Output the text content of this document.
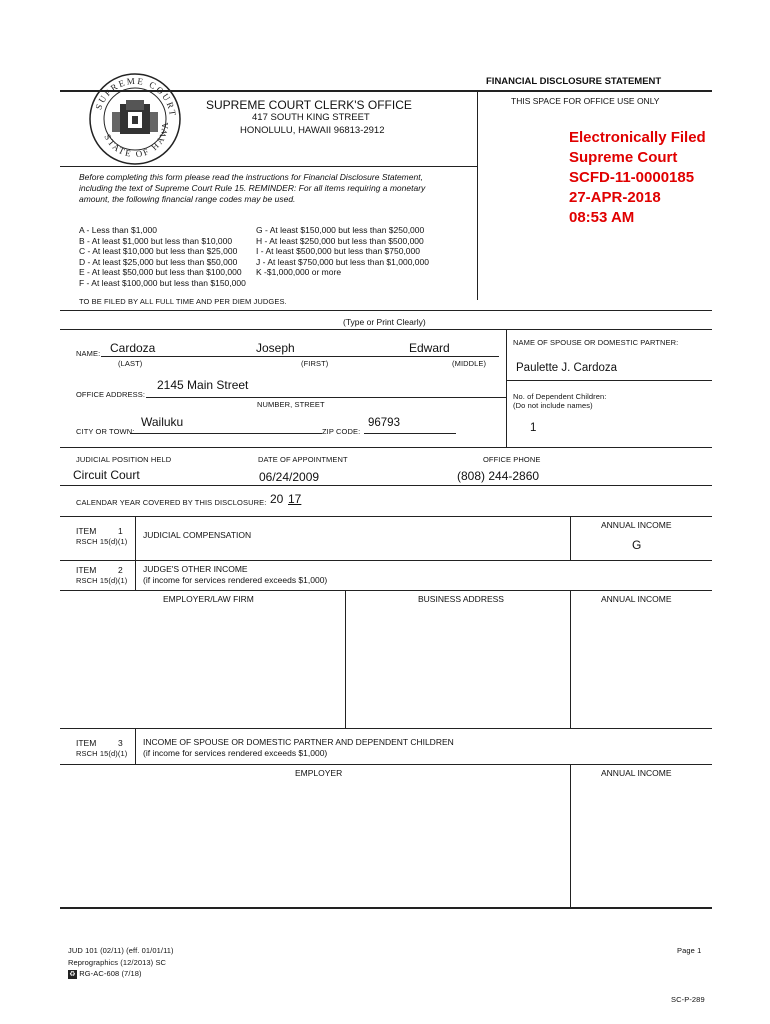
FINANCIAL DISCLOSURE STATEMENT
THIS SPACE FOR OFFICE USE ONLY
SUPREME COURT
STATE OF HAWA
SUPREME COURT CLERK'S OFFICE
417 SOUTH KING STREET
HONOLULU, HAWAII 96813-2912	Electronically Filed
Supreme Court
SCFD-11-0000185
27-APR-2018
08:53 AM
Before completing this form please read the instructions for Financial Disclosure Statement,
including the text of Supreme Court Rule 15. REMINDER: For all items requiring a monetary
amount, the following financial range codes may be used.
A - Less than $1,000
B - At least $1,000 but less than $10,000
C - At least $10,000 but less than $25,000
D - At least $25,000 but less than $50,000
E - At least $50,000 but less than $100,000
F - At least $100,000 but less than $150,000
G - At least $150,000 but less than $250,000
H - At least $250,000 but less than $500,000
I - At least $500,000 but less than $750,000
J - At least $750,000 but less than $1,000,000
K -$1,000,000 or more
TO BE FILED BY ALL FULL TIME AND PER DIEM JUDGES.
(Type or Print Clearly)
NAME: Cardoza	Joseph	Edward
(LAST)	(FIRST)	(MIDDLE)
NAME OF SPOUSE OR DOMESTIC PARTNER:
Paulette J. Cardoza
2145 Main Street
OFFICE ADDRESS:
NUMBER, STREET
No. of Dependent Children:
(Do not include names)
1
Wailuku
CITY OR TOWN:	ZIP CODE:
96793
JUDICIAL POSITION HELD	DATE OF APPOINTMENT	OFFICE PHONE
Circuit Court	06/24/2009	(808) 244-2860
CALENDAR YEAR COVERED BY THIS DISCLOSURE: 20 17
ITEM	1
RSCH 15(d)(1)
JUDICIAL COMPENSATION
ANNUAL INCOME
G
ITEM	2
RSCH 15(d)(1)
JUDGE'S OTHER INCOME
(if income for services rendered exceeds $1,000)
EMPLOYER/LAW FIRM	BUSINESS ADDRESS	ANNUAL INCOME
ITEM	3
RSCH 15(d)(1)
INCOME OF SPOUSE OR DOMESTIC PARTNER AND DEPENDENT CHILDREN
(if income for services rendered exceeds $1,000)
EMPLOYER	ANNUAL INCOME
JUD 101 (02/11) (eff. 01/01/11)
Reprographics (12/2013) SC
♻ RG-AC-608 (7/18)
Page 1
SC-P-289
